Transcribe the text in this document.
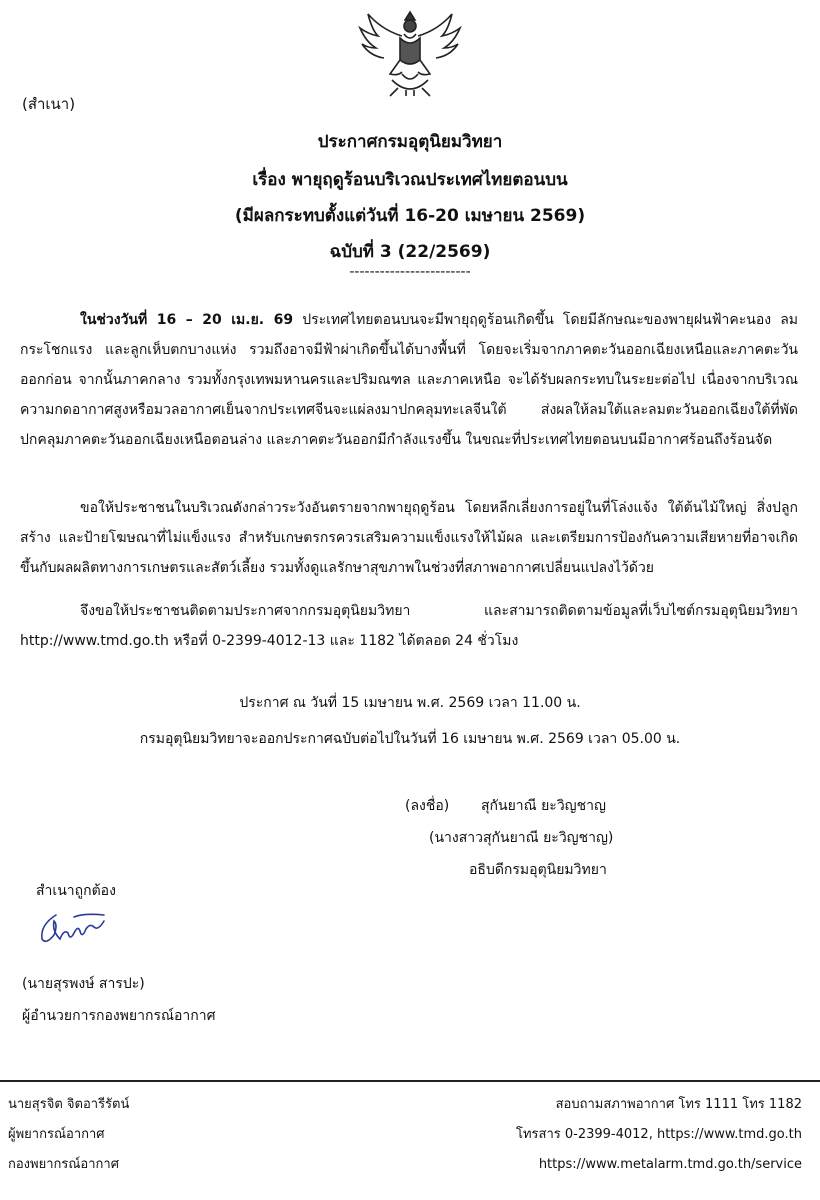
(สำเนา)
ประกาศกรมอุตุนิยมวิทยา
เรื่อง พายุฤดูร้อนบริเวณประเทศไทยตอนบน
(มีผลกระทบตั้งแต่วันที่ 16-20 เมษายน 2569)
ฉบับที่ 3 (22/2569)
------------------------
ในช่วงวันที่ 16 – 20 เม.ย. 69 ประเทศไทยตอนบนจะมีพายุฤดูร้อนเกิดขึ้น โดยมีลักษณะของพายุฝนฟ้าคะนอง ลมกระโชกแรง และลูกเห็บตกบางแห่ง รวมถึงอาจมีฟ้าผ่าเกิดขึ้นได้บางพื้นที่ โดยจะเริ่มจากภาคตะวันออกเฉียงเหนือและภาคตะวันออกก่อน จากนั้นภาคกลาง รวมทั้งกรุงเทพมหานครและปริมณฑล และภาคเหนือ จะได้รับผลกระทบในระยะต่อไป เนื่องจากบริเวณความกดอากาศสูงหรือมวลอากาศเย็นจากประเทศจีนจะแผ่ลงมาปกคลุมทะเลจีนใต้ ส่งผลให้ลมใต้และลมตะวันออกเฉียงใต้ที่พัดปกคลุมภาคตะวันออกเฉียงเหนือตอนล่าง และภาคตะวันออกมีกำลังแรงขึ้น ในขณะที่ประเทศไทยตอนบนมีอากาศร้อนถึงร้อนจัด
ขอให้ประชาชนในบริเวณดังกล่าวระวังอันตรายจากพายุฤดูร้อน โดยหลีกเลี่ยงการอยู่ในที่โล่งแจ้ง ใต้ต้นไม้ใหญ่ สิ่งปลูกสร้าง และป้ายโฆษณาที่ไม่แข็งแรง สำหรับเกษตรกรควรเสริมความแข็งแรงให้ไม้ผล และเตรียมการป้องกันความเสียหายที่อาจเกิดขึ้นกับผลผลิตทางการเกษตรและสัตว์เลี้ยง รวมทั้งดูแลรักษาสุขภาพในช่วงที่สภาพอากาศเปลี่ยนแปลงไว้ด้วย
จึงขอให้ประชาชนติดตามประกาศจากกรมอุตุนิยมวิทยา และสามารถติดตามข้อมูลที่เว็บไซต์กรมอุตุนิยมวิทยา http://www.tmd.go.th หรือที่ 0-2399-4012-13 และ 1182 ได้ตลอด 24 ชั่วโมง
ประกาศ ณ วันที่ 15 เมษายน พ.ศ. 2569 เวลา 11.00 น.
กรมอุตุนิยมวิทยาจะออกประกาศฉบับต่อไปในวันที่ 16 เมษายน พ.ศ. 2569 เวลา 05.00 น.
(ลงชื่อ) สุกันยาณี ยะวิญชาญ
(นางสาวสุกันยาณี ยะวิญชาญ)
อธิบดีกรมอุตุนิยมวิทยา
สำเนาถูกต้อง
(นายสุรพงษ์ สารปะ)
ผู้อำนวยการกองพยากรณ์อากาศ
นายสุรจิต จิตอารีรัตน์
ผู้พยากรณ์อากาศ
กองพยากรณ์อากาศ
สอบถามสภาพอากาศ โทร 1111 โทร 1182
โทรสาร 0-2399-4012, https://www.tmd.go.th
https://www.metalarm.tmd.go.th/service
